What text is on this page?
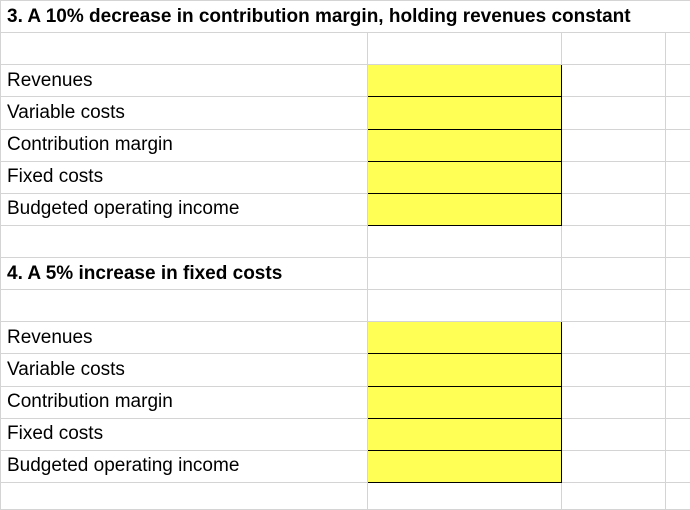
3. A 10% decrease in contribution margin, holding revenues constant			

Revenues			
Variable costs			
Contribution margin			
Fixed costs			
Budgeted operating income			

4. A 5% increase in fixed costs			

Revenues			
Variable costs			
Contribution margin			
Fixed costs			
Budgeted operating income			
